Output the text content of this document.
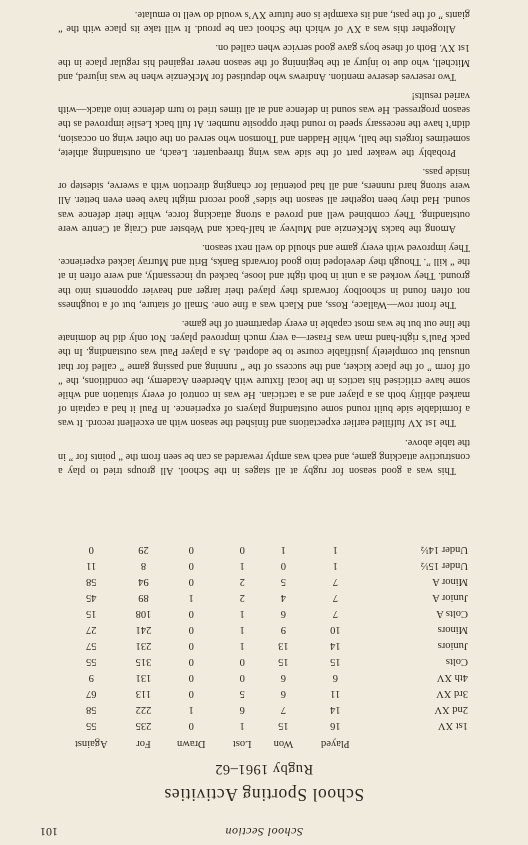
School Section
101
School Sporting Activities
Rugby 1961–62
	Played	Won	Lost	Drawn	For	Against
1st XV	16	15	1	0	235	55
2nd XV	14	7	6	1	222	58
3rd XV	11	6	5	0	113	67
4th XV	6	6	0	0	131	9
Colts	15	15	0	0	315	55
Juniors	14	13	1	0	231	57
Minors	10	9	1	0	241	27
Colts A	7	6	1	0	108	15
Junior A	7	4	2	1	89	45
Minor A	7	5	2	0	94	58
Under 15½	1	0	1	0	8	11
Under 14½	1	1	0	0	29	0

This was a good season for rugby at all stages in the School. All groups tried to play a constructive attacking game, and each was amply rewarded as can be seen from the “ points for ” in the table above.

The 1st XV fulfilled earlier expectations and finished the season with an excellent record. It was a formidable side built round some outstanding players of experience. In Paul it had a captain of marked ability both as a player and as a tactician. He was in control of every situation and while some have criticised his tactics in the local fixture with Aberdeen Academy, the conditions, the “ off form ” of the place kicker, and the success of the “ running and passing game ” called for that unusual but completely justifiable course to be adopted. As a player Paul was outstanding. In the pack Paul’s right-hand man was Fraser—a very much improved player. Not only did he dominate the line out but he was most capable in every department of the game.

The front row—Wallace, Ross, and Klach was a fine one. Small of stature, but of a toughness not often found in schoolboy forwards they played their larger and heavier opponents into the ground. They worked as a unit in both tight and loose, backed up incessantly, and were often in at the “ kill ”. Though they developed into good forwards Banks, Britt and Murray lacked experience. They improved with every game and should do well next season.

Among the backs McKenzie and Mulvey at half-back and Webster and Craig at Centre were outstanding. They combined well and proved a strong attacking force, while their defence was sound. Had they been together all season the sides’ good record might have been even better. All were strong hard runners, and all had potential for changing direction with a swerve, sidestep or inside pass.

Probably the weaker part of the side was wing threequarter. Leach, an outstanding athlete, sometimes forgets the ball, while Hadden and Thomson who served on the other wing on occasion, didn’t have the necessary speed to round their opposite number. At full back Leslie improved as the season progressed. He was sound in defence and at all times tried to turn defence into attack—with varied results!

Two reserves deserve mention. Andrews who deputised for McKenzie when he was injured, and Mitchell, who due to injury at the beginning of the season never regained his regular place in the 1st XV. Both of these boys gave good service when called on.

Altogether this was a XV of which the School can be proud. It will take its place with the “ giants ” of the past, and its example is one future XV’s would do well to emulate.
